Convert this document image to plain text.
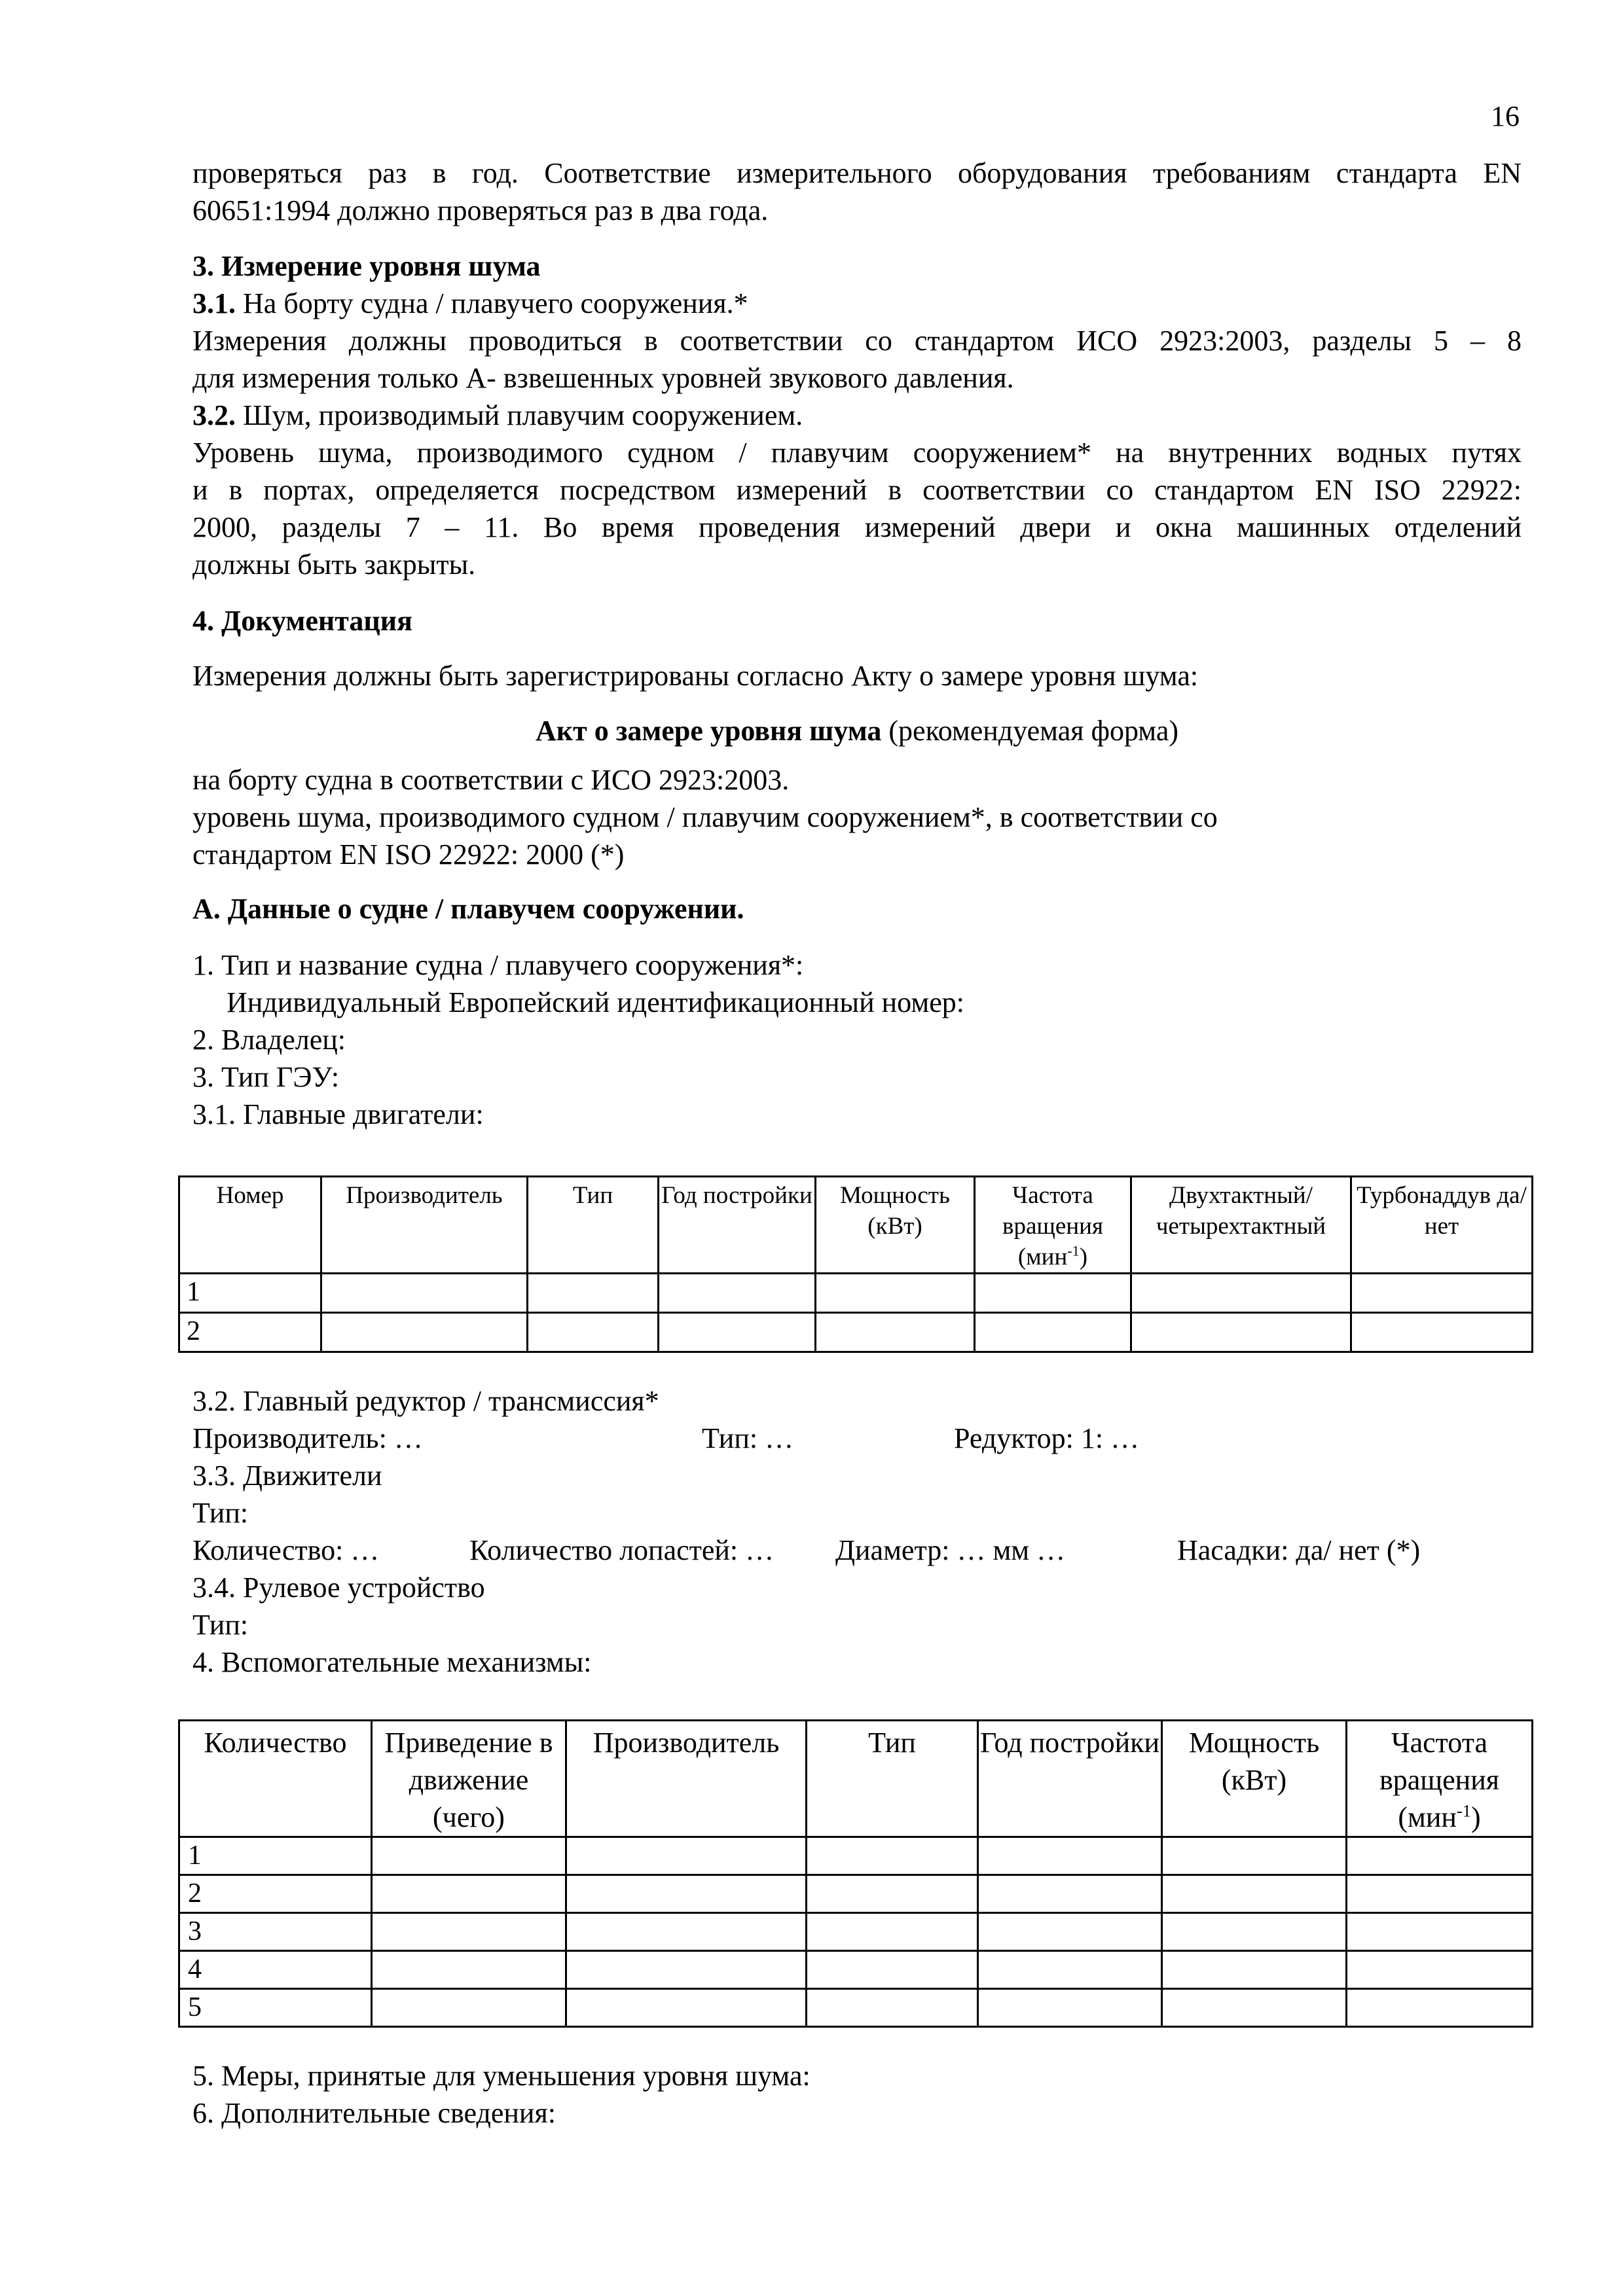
16
проверяться раз в год. Соответствие измерительного оборудования требованиям стандарта EN
60651:1994 должно проверяться раз в два года.
3. Измерение уровня шума
3.1. На борту судна / плавучего сооружения.*
Измерения должны проводиться в соответствии со стандартом ИСО 2923:2003, разделы 5 – 8
для измерения только А- взвешенных уровней звукового давления.
3.2. Шум, производимый плавучим сооружением.
Уровень шума, производимого судном / плавучим сооружением* на внутренних водных путях
и в портах, определяется посредством измерений в соответствии со стандартом EN ISO 22922:
2000, разделы 7 – 11. Во время проведения измерений двери и окна машинных отделений
должны быть закрыты.
4. Документация
Измерения должны быть зарегистрированы согласно Акту о замере уровня шума:
Акт о замере уровня шума (рекомендуемая форма)
на борту судна в соответствии с ИСО 2923:2003.
уровень шума, производимого судном / плавучим сооружением*, в соответствии со
стандартом EN ISO 22922: 2000 (*)
А. Данные о судне / плавучем сооружении.
1. Тип и название судна / плавучего сооружения*:
Индивидуальный Европейский идентификационный номер:
2. Владелец:
3. Тип ГЭУ:
3.1. Главные двигатели:
Номер	Производитель	Тип	Год постройки	Мощность (кВт)	Частота вращения (мин$^{-1}$)	Двухтактный/ четырехтактный	Турбонаддув да/ нет
1							
2							
3.2. Главный редуктор / трансмиссия*
Производитель: …	Тип: …	Редуктор: 1: …
3.3. Движители
Тип:
Количество: …	Количество лопастей: … Диаметр: … мм …	Насадки: да/ нет (*)
3.4. Рулевое устройство
Тип:
4. Вспомогательные механизмы:
Количество	Приведение в движение (чего)	Производитель	Тип	Год постройки	Мощность (кВт)	Частота вращения (мин$^{-1}$)
1						
2						
3						
4						
5						
5. Меры, принятые для уменьшения уровня шума:
6. Дополнительные сведения:
